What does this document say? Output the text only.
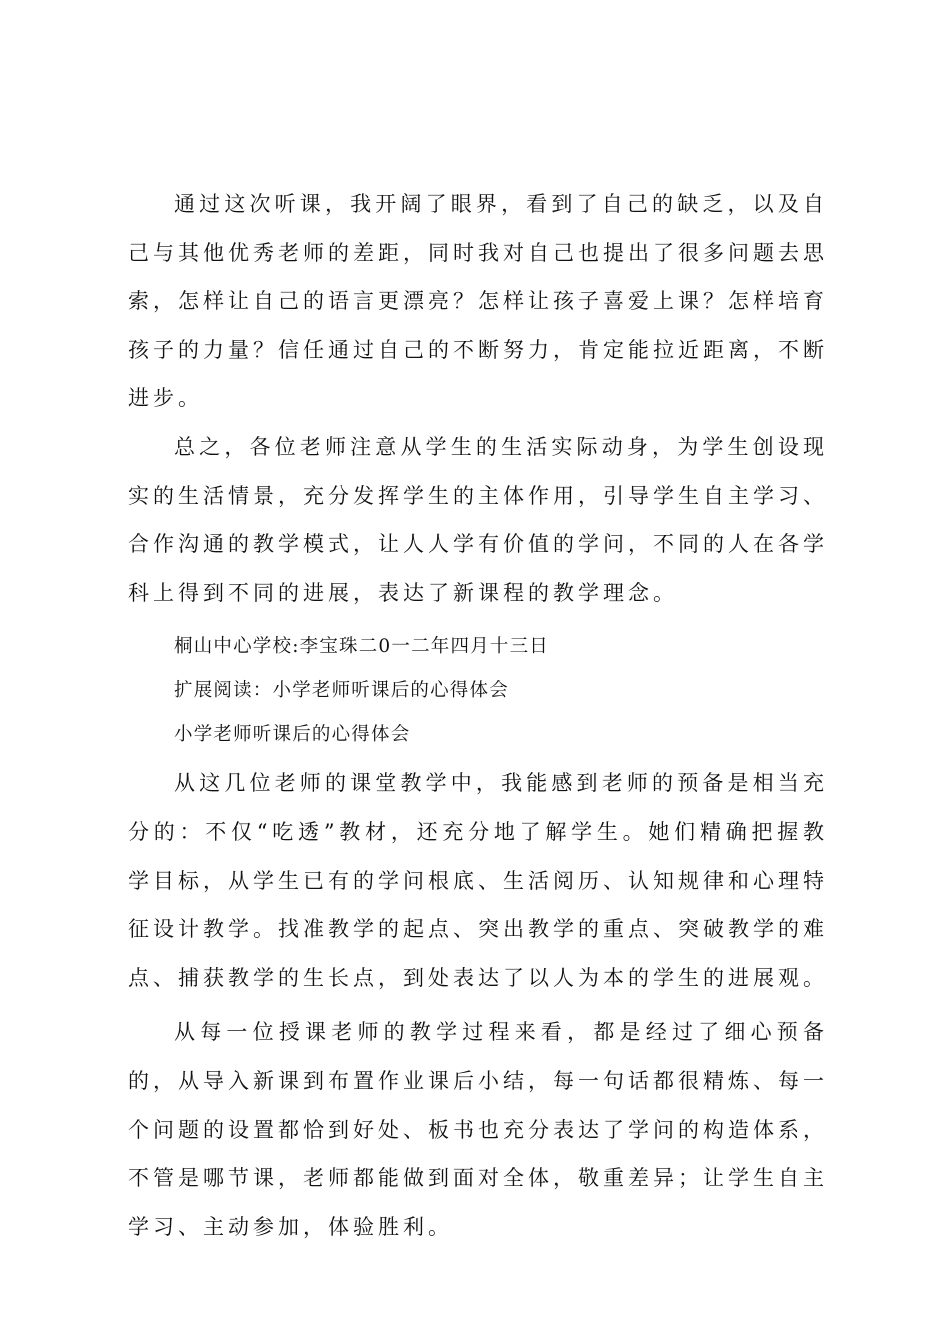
通过这次听课，我开阔了眼界，看到了自己的缺乏，以及自己与其他优秀老师的差距，同时我对自己也提出了很多问题去思索，怎样让自己的语言更漂亮？怎样让孩子喜爱上课？怎样培育孩子的力量？信任通过自己的不断努力，肯定能拉近距离，不断进步。

总之，各位老师注意从学生的生活实际动身，为学生创设现实的生活情景，充分发挥学生的主体作用，引导学生自主学习、合作沟通的教学模式，让人人学有价值的学问，不同的人在各学科上得到不同的进展，表达了新课程的教学理念。

桐山中心学校:李宝珠二0一二年四月十三日

扩展阅读：小学老师听课后的心得体会

小学老师听课后的心得体会

从这几位老师的课堂教学中，我能感到老师的预备是相当充分的：不仅“吃透”教材，还充分地了解学生。她们精确把握教学目标，从学生已有的学问根底、生活阅历、认知规律和心理特征设计教学。找准教学的起点、突出教学的重点、突破教学的难点、捕获教学的生长点，到处表达了以人为本的学生的进展观。

从每一位授课老师的教学过程来看，都是经过了细心预备的，从导入新课到布置作业课后小结，每一句话都很精炼、每一个问题的设置都恰到好处、板书也充分表达了学问的构造体系，不管是哪节课，老师都能做到面对全体，敬重差异；让学生自主学习、主动参加，体验胜利。
